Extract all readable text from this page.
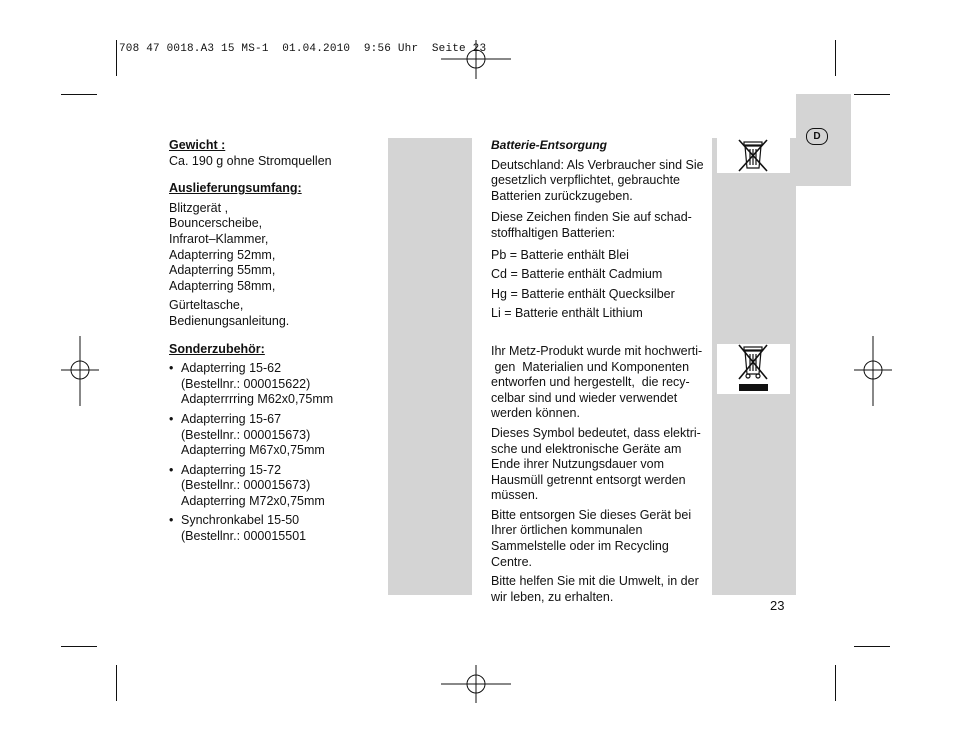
708 47 0018.A3 15 MS-1  01.04.2010  9:56 Uhr  Seite 23
D
Gewicht :
Ca. 190 g ohne Stromquellen
Auslieferungsumfang:
Blitzgerät ,
Bouncerscheibe,
Infrarot–Klammer,
Adapterring 52mm,
Adapterring 55mm,
Adapterring 58mm,
Gürteltasche,
Bedienungsanleitung.
Sonderzubehör:
• Adapterring 15-62
(Bestellnr.: 000015622)
Adapterrrring M62x0,75mm
• Adapterring 15-67
(Bestellnr.: 000015673)
Adapterring M67x0,75mm
• Adapterring 15-72
(Bestellnr.: 000015673)
Adapterring M72x0,75mm
• Synchronkabel 15-50
(Bestellnr.: 000015501
Batterie-Entsorgung
Deutschland: Als Verbraucher sind Sie
gesetzlich verpflichtet, gebrauchte
Batterien zurückzugeben.
Diese Zeichen finden Sie auf schad-
stoffhaltigen Batterien:
Pb = Batterie enthält Blei
Cd = Batterie enthält Cadmium
Hg = Batterie enthält Quecksilber
Li = Batterie enthält Lithium
Ihr Metz-Produkt wurde mit hochwerti-
gen  Materialien und Komponenten
entworfen und hergestellt,  die recy-
celbar sind und wieder verwendet
werden können.
Dieses Symbol bedeutet, dass elektri-
sche und elektronische Geräte am
Ende ihrer Nutzungsdauer vom
Hausmüll getrennt entsorgt werden
müssen.
Bitte entsorgen Sie dieses Gerät bei
Ihrer örtlichen kommunalen
Sammelstelle oder im Recycling
Centre.
Bitte helfen Sie mit die Umwelt, in der
wir leben, zu erhalten.
23
